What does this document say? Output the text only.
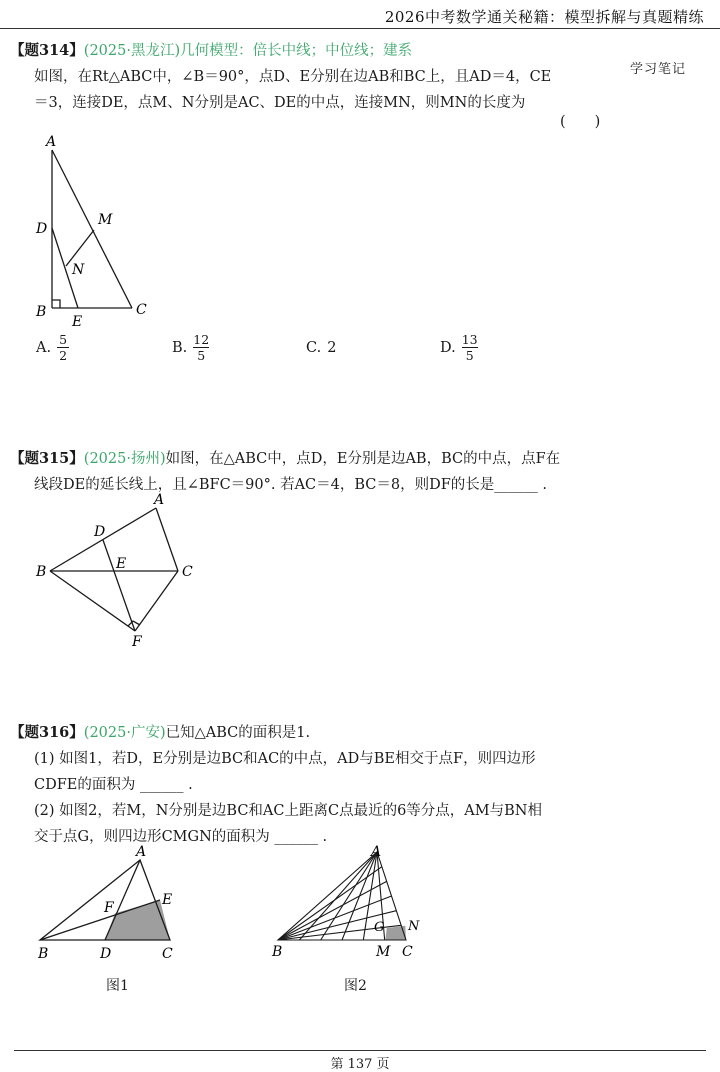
2026中考数学通关秘籍：模型拆解与真题精练
学习笔记
【题314】(2025·黑龙江)几何模型：倍长中线；中位线；建系
如图，在Rt△ABC中，∠B＝90°，点D、E分别在边AB和BC上，且AD＝4，CE
＝3，连接DE，点M、N分别是AC、DE的中点，连接MN，则MN的长度为
(　　)
A
D
M
N
B
E
C
A. $\frac{5}{2}$	B. $\frac{12}{5}$	C. 2	D. $\frac{13}{5}$
【题315】(2025·扬州)如图，在△ABC中，点D，E分别是边AB，BC的中点，点F在
线段DE的延长线上，且∠BFC＝90°. 若AC＝4，BC＝8，则DF的长是______ .
A
D
B	E	C
F
【题316】(2025·广安)已知△ABC的面积是1.
(1) 如图1，若D，E分别是边BC和AC的中点，AD与BE相交于点F，则四边形
CDFE的面积为 ______ .
(2) 如图2，若M，N分别是边BC和AC上距离C点最近的6等分点，AM与BN相
交于点G，则四边形CMGN的面积为 ______ .
A
E
F
B	D	C
图1
A
G N
B	M C
图2
第 137 页
